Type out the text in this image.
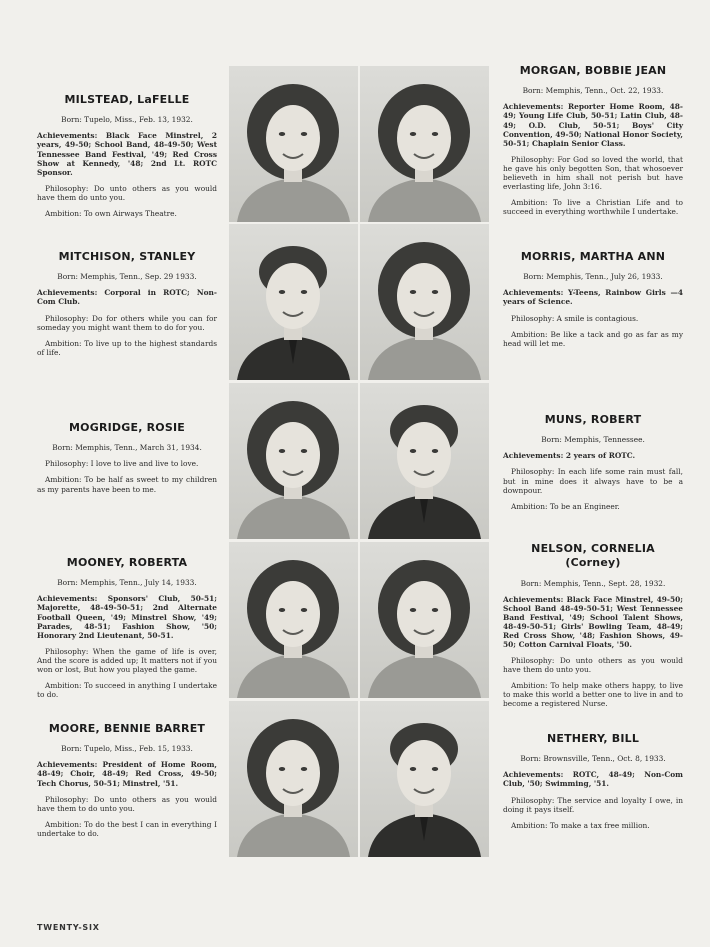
MILSTEAD, LaFELLE

Born: Tupelo, Miss., Feb. 13, 1932.

Achievements: Black Face Minstrel, 2 years, 49-50; School Band, 48-49-50; West Tennessee Band Festival, '49; Red Cross Show at Kennedy, '48; 2nd Lt. ROTC Sponsor.

Philosophy: Do unto others as you would have them do unto you.

Ambition: To own Airways Theatre.

MITCHISON, STANLEY

Born: Memphis, Tenn., Sep. 29 1933.

Achievements: Corporal in ROTC; Non-Com Club.

Philosophy: Do for others while you can for someday you might want them to do for you.

Ambition: To live up to the highest standards of life.

MOGRIDGE, ROSIE

Born: Memphis, Tenn., March 31, 1934.

Philosophy: I love to live and live to love.

Ambition: To be half as sweet to my children as my parents have been to me.

MOONEY, ROBERTA

Born: Memphis, Tenn., July 14, 1933.

Achievements: Sponsors' Club, 50-51; Majorette, 48-49-50-51; 2nd Alternate Football Queen, '49; Minstrel Show, '49; Parades, 48-51; Fashion Show, '50; Honorary 2nd Lieutenant, 50-51.

Philosophy: When the game of life is over, And the score is added up; It matters not if you won or lost, But how you played the game.

Ambition: To succeed in anything I undertake to do.

MOORE, BENNIE BARRET

Born: Tupelo, Miss., Feb. 15, 1933.

Achievements: President of Home Room, 48-49; Choir, 48-49; Red Cross, 49-50; Tech Chorus, 50-51; Minstrel, '51.

Philosophy: Do unto others as you would have them to do unto you.

Ambition: To do the best I can in everything I undertake to do.

MORGAN, BOBBIE JEAN

Born: Memphis, Tenn., Oct. 22, 1933.

Achievements: Reporter Home Room, 48-49; Young Life Club, 50-51; Latin Club, 48-49; O.D. Club, 50-51; Boys' City Convention, 49-50; National Honor Society, 50-51; Chaplain Senior Class.

Philosophy: For God so loved the world, that he gave his only begotten Son, that whosoever believeth in him shall not perish but have everlasting life, John 3:16.

Ambition: To live a Christian Life and to succeed in everything worthwhile I undertake.

MORRIS, MARTHA ANN

Born: Memphis, Tenn., July 26, 1933.

Achievements: Y-Teens, Rainbow Girls —4 years of Science.

Philosophy: A smile is contagious.

Ambition: Be like a tack and go as far as my head will let me.

MUNS, ROBERT

Born: Memphis, Tennessee.

Achievements: 2 years of ROTC.

Philosophy: In each life some rain must fall, but in mine does it always have to be a downpour.

Ambition: To be an Engineer.

NELSON, CORNELIA
(Corney)

Born: Memphis, Tenn., Sept. 28, 1932.

Achievements: Black Face Minstrel, 49-50; School Band 48-49-50-51; West Tennessee Band Festival, '49; School Talent Shows, 48-49-50-51; Girls' Bowling Team, 48-49; Red Cross Show, '48; Fashion Shows, 49-50; Cotton Carnival Floats, '50.

Philosophy: Do unto others as you would have them do unto you.

Ambition: To help make others happy, to live to make this world a better one to live in and to become a registered Nurse.

NETHERY, BILL

Born: Brownsville, Tenn., Oct. 8, 1933.

Achievements: ROTC, 48-49; Non-Com Club, '50; Swimming, '51.

Philosophy: The service and loyalty I owe, in doing it pays itself.

Ambition: To make a tax free million.

TWENTY-SIX
